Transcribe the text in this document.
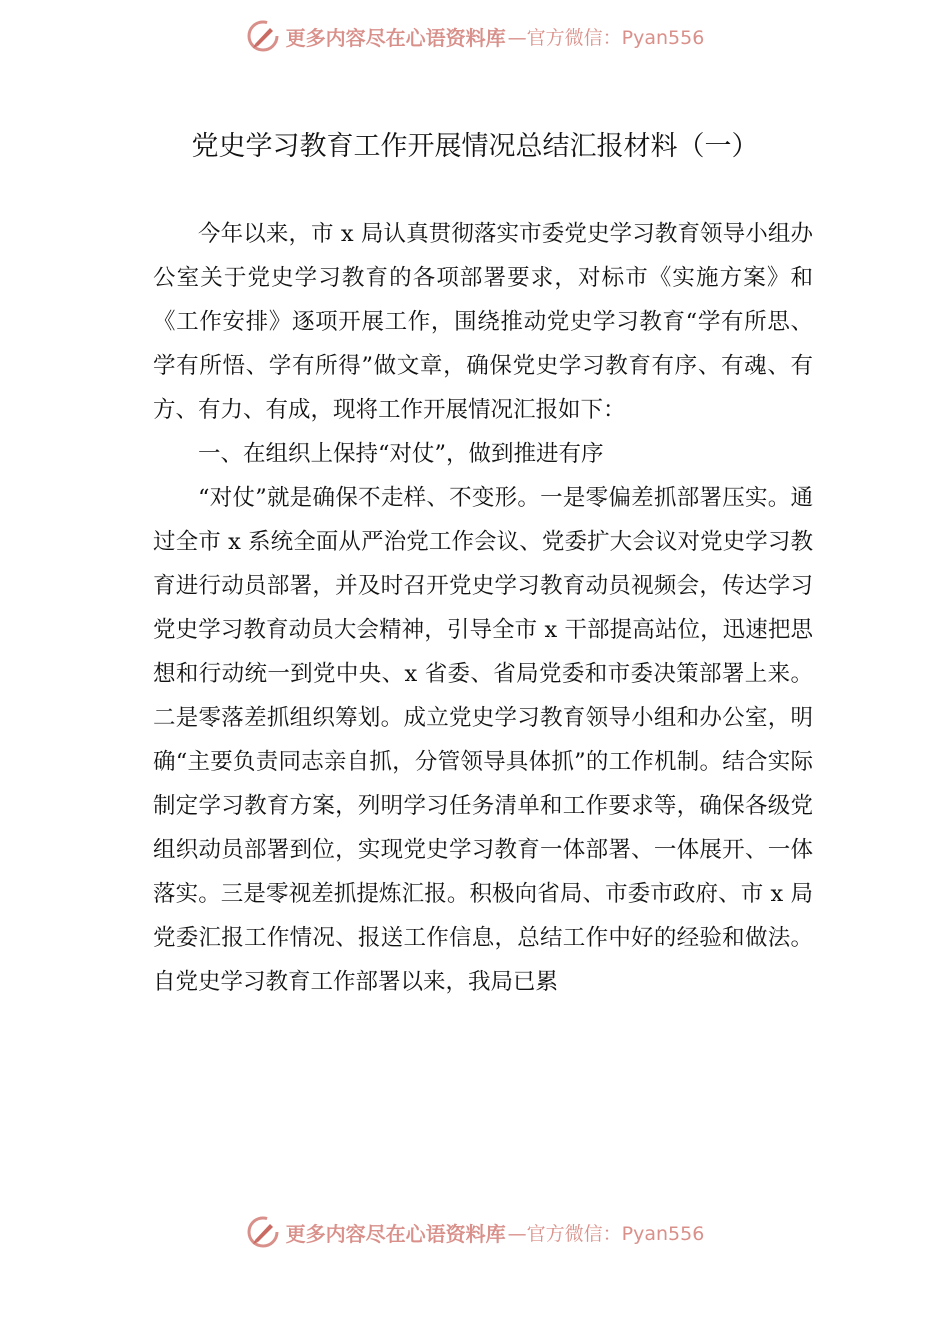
更多内容尽在心语资料库 —官方微信：Pyan556
党史学习教育工作开展情况总结汇报材料（一）

今年以来，市 x 局认真贯彻落实市委党史学习教育领导小组办公室关于党史学习教育的各项部署要求，对标市《实施方案》和《工作安排》逐项开展工作，围绕推动党史学习教育“学有所思、学有所悟、学有所得”做文章，确保党史学习教育有序、有魂、有方、有力、有成，现将工作开展情况汇报如下：

一、在组织上保持“对仗”，做到推进有序

“对仗”就是确保不走样、不变形。一是零偏差抓部署压实。通过全市 x 系统全面从严治党工作会议、党委扩大会议对党史学习教育进行动员部署，并及时召开党史学习教育动员视频会，传达学习党史学习教育动员大会精神，引导全市 x 干部提高站位，迅速把思想和行动统一到党中央、x 省委、省局党委和市委决策部署上来。二是零落差抓组织筹划。成立党史学习教育领导小组和办公室，明确“主要负责同志亲自抓，分管领导具体抓”的工作机制。结合实际制定学习教育方案，列明学习任务清单和工作要求等，确保各级党组织动员部署到位，实现党史学习教育一体部署、一体展开、一体落实。三是零视差抓提炼汇报。积极向省局、市委市政府、市 x 局党委汇报工作情况、报送工作信息，总结工作中好的经验和做法。自党史学习教育工作部署以来，我局已累

更多内容尽在心语资料库 —官方微信：Pyan556
